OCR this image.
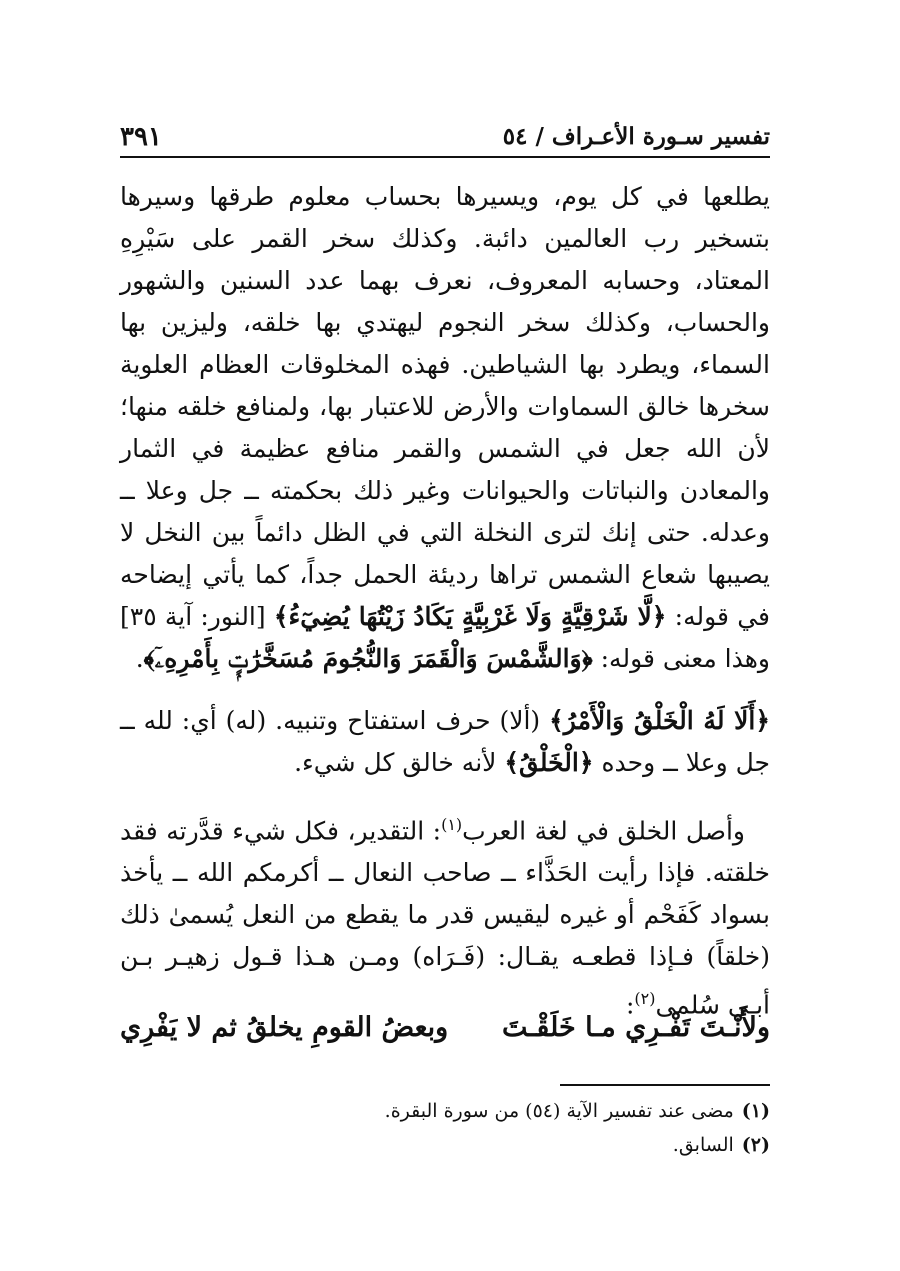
تفسير سـورة الأعـراف / ٥٤
٣٩١

يطلعها في كل يوم، ويسيرها بحساب معلوم طرقها وسيرها بتسخير رب العالمين دائبة. وكذلك سخر القمر على سَيْرِهِ المعتاد، وحسابه المعروف، نعرف بهما عدد السنين والشهور والحساب، وكذلك سخر النجوم ليهتدي بها خلقه، وليزين بها السماء، ويطرد بها الشياطين. فهذه المخلوقات العظام العلوية سخرها خالق السماوات والأرض للاعتبار بها، ولمنافع خلقه منها؛ لأن الله جعل في الشمس والقمر منافع عظيمة في الثمار والمعادن والنباتات والحيوانات وغير ذلك بحكمته ــ جل وعلا ــ وعدله. حتى إنك لترى النخلة التي في الظل دائماً بين النخل لا يصيبها شعاع الشمس تراها رديئة الحمل جداً، كما يأتي إيضاحه في قوله: ﴿لَّا شَرْقِيَّةٍ وَلَا غَرْبِيَّةٍ يَكَادُ زَيْتُهَا يُضِيٓءُ﴾ [النور: آية ٣٥] وهذا معنى قوله: ﴿وَالشَّمْسَ وَالْقَمَرَ وَالنُّجُومَ مُسَخَّرَٰتٍۭ بِأَمْرِهِۦٓ﴾.

﴿أَلَا لَهُ الْخَلْقُ وَالْأَمْرُ﴾ (ألا) حرف استفتاح وتنبيه. (له) أي: لله ــ جل وعلا ــ وحده ﴿الْخَلْقُ﴾ لأنه خالق كل شيء.

 وأصل الخلق في لغة العرب$^{(١)}$: التقدير، فكل شيء قدَّرته فقد خلقته. فإذا رأيت الحَذَّاء ــ صاحب النعال ــ أكرمكم الله ــ يأخذ بسواد كَفَحْم أو غيره ليقيس قدر ما يقطع من النعل يُسمىٰ ذلك (خلقاً) فـإذا قطعـه يقـال: (فَـرَاه) ومـن هـذا قـول زهيـر بـن أبـي سُلمى$^{(٢)}$:

ولأَنْـتَ تَفْـرِي مـا خَلَقْـتَ
وبعضُ القومِ يخلقُ ثم لا يَفْرِي
(١)مضى عند تفسير الآية (٥٤) من سورة البقرة.
(٢)السابق.
